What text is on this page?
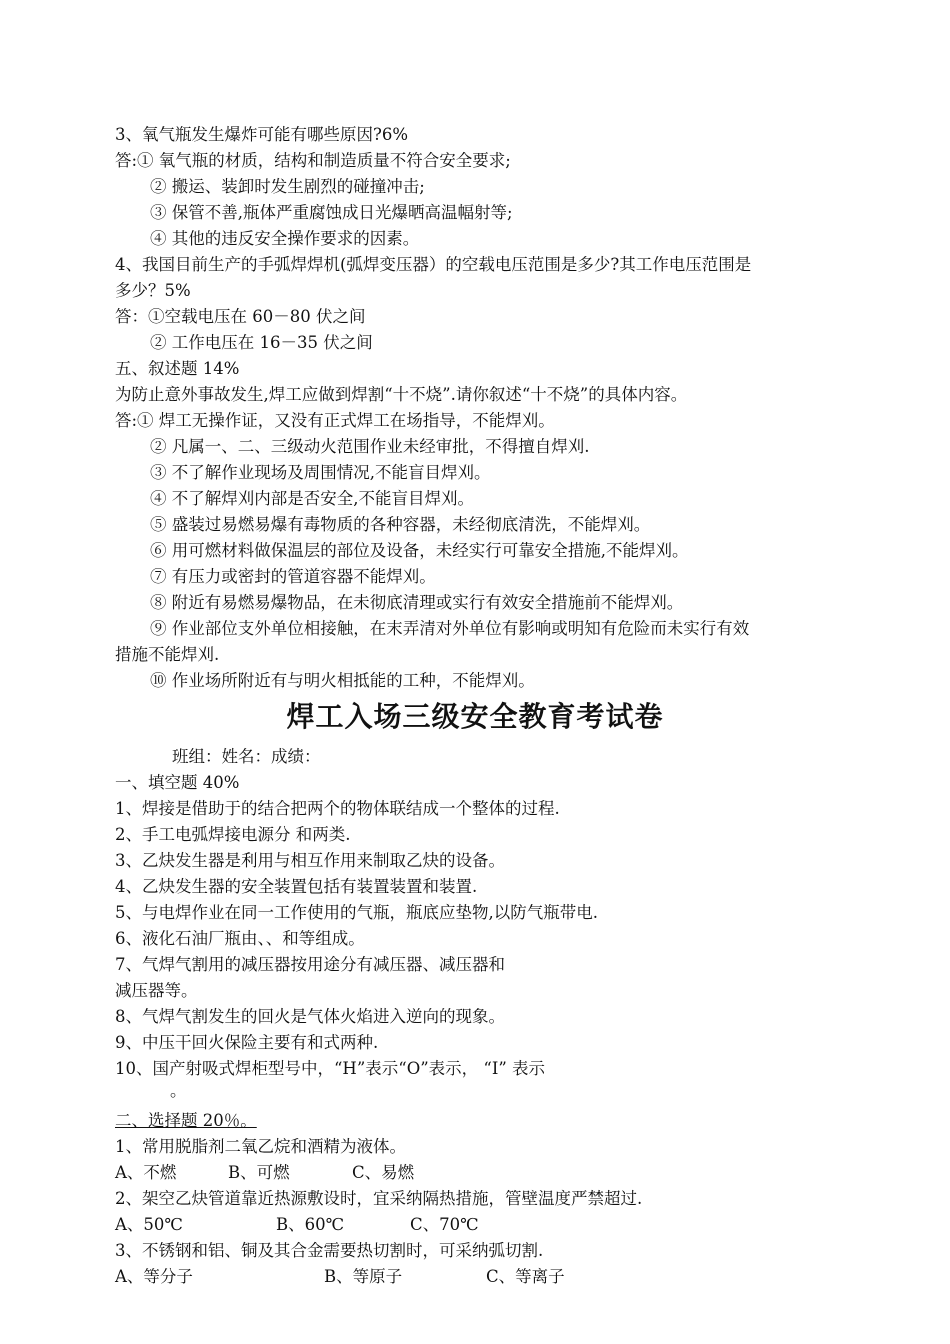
3、氧气瓶发生爆炸可能有哪些原因?6%
答:① 氧气瓶的材质，结构和制造质量不符合安全要求;
② 搬运、装卸时发生剧烈的碰撞冲击;
③ 保管不善,瓶体严重腐蚀成日光爆晒高温幅射等;
④ 其他的违反安全操作要求的因素。
4、我国目前生产的手弧焊焊机(弧焊变压器）的空载电压范围是多少?其工作电压范围是
多少？5%
答：①空载电压在 60－80 伏之间
② 工作电压在 16－35 伏之间
五、叙述题 14%
为防止意外事故发生,焊工应做到焊割“十不烧”.请你叙述“十不烧”的具体内容。
答:① 焊工无操作证，又没有正式焊工在场指导，不能焊刈。
② 凡属一、二、三级动火范围作业未经审批，不得擅自焊刈.
③ 不了解作业现场及周围情况,不能盲目焊刈。
④ 不了解焊刈内部是否安全,不能盲目焊刈。
⑤ 盛装过易燃易爆有毒物质的各种容器，未经彻底清洗，不能焊刈。
⑥ 用可燃材料做保温层的部位及设备，未经实行可靠安全措施,不能焊刈。
⑦ 有压力或密封的管道容器不能焊刈。
⑧ 附近有易燃易爆物品，在未彻底清理或实行有效安全措施前不能焊刈。
⑨ 作业部位支外单位相接触，在末弄清对外单位有影响或明知有危险而未实行有效
措施不能焊刈.
⑩ 作业场所附近有与明火相抵能的工种，不能焊刈。
焊工入场三级安全教育考试卷
班组：姓名：成绩：
一、填空题 40%
1、焊接是借助于的结合把两个的物体联结成一个整体的过程.
2、手工电弧焊接电源分 和两类.
3、乙炔发生器是利用与相互作用来制取乙炔的设备。
4、乙炔发生器的安全装置包括有装置装置和装置.
5、与电焊作业在同一工作使用的气瓶，瓶底应垫物,以防气瓶带电.
6、液化石油厂瓶由、、和等组成。
7、气焊气割用的减压器按用途分有减压器、减压器和
减压器等。
8、气焊气割发生的回火是气体火焰进入逆向的现象。
9、中压干回火保险主要有和式两种.
10、国产射吸式焊柜型号中，“H”表示“O”表示， “I” 表示
。
二、选择题 20％。
1、常用脱脂剂二氧乙烷和酒精为液体。
A、不燃	B、可燃	C、易燃
2、架空乙炔管道靠近热源敷设时，宜采纳隔热措施，管壁温度严禁超过.
A、50℃	B、60℃	C、70℃
3、不锈钢和铝、铜及其合金需要热切割时，可采纳弧切割.
A、等分子	B、等原子	C、等离子
